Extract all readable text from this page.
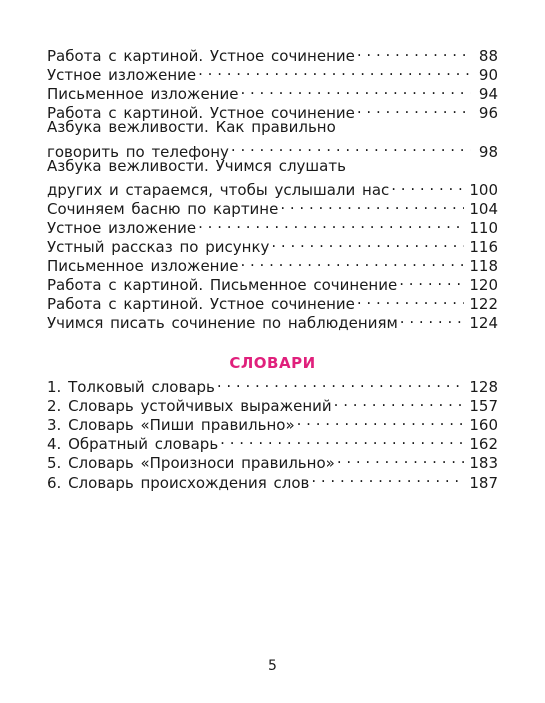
Работа с картиной. Устное сочинение . . .	88
Устное изложение . . .	90
Письменное изложение . . .	94
Работа с картиной. Устное сочинение . . .	96
Азбука вежливости. Как правильно
говорить по телефону . . .	98
Азбука вежливости. Учимся слушать
других и стараемся, чтобы услышали нас . . .	100
Сочиняем басню по картине . . .	104
Устное изложение . . .	110
Устный рассказ по рисунку . . .	116
Письменное изложение . . .	118
Работа с картиной. Письменное сочинение . . .	120
Работа с картиной. Устное сочинение . . .	122
Учимся писать сочинение по наблюдениям . . .	124
СЛОВАРИ
1. Толковый словарь . . .	128
2. Словарь устойчивых выражений . . .	157
3. Словарь «Пиши правильно» . . .	160
4. Обратный словарь . . .	162
5. Словарь «Произноси правильно» . . .	183
6. Словарь происхождения слов . . .	187
5
